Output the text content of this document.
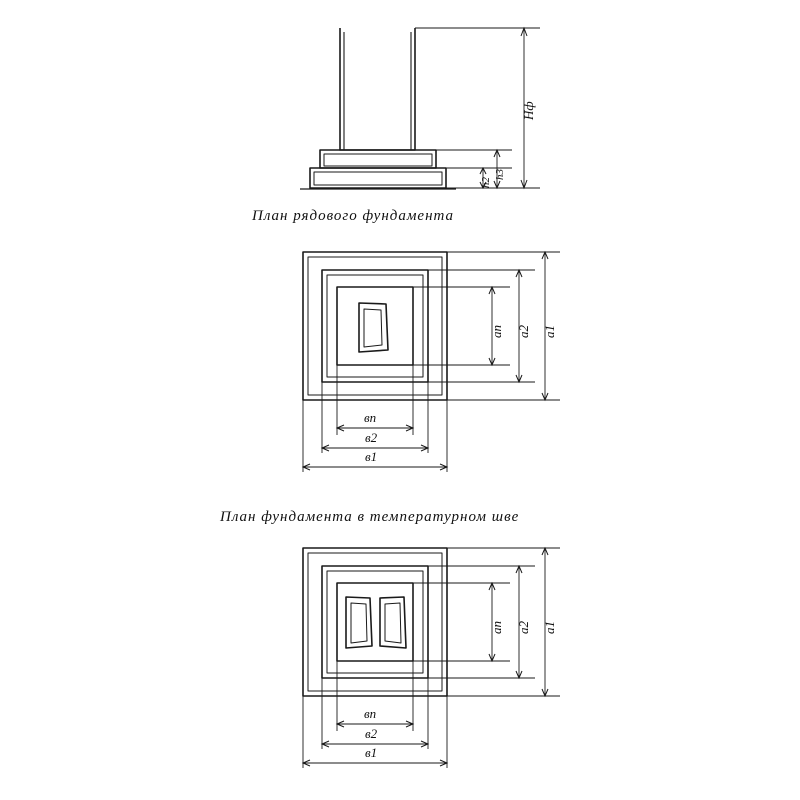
План рядового фундамента
План фундамента в температурном шве
Нф
h3
h2
ап а2 а1
вп
в2
в1
ап а2 а1
вп
в2
в1
